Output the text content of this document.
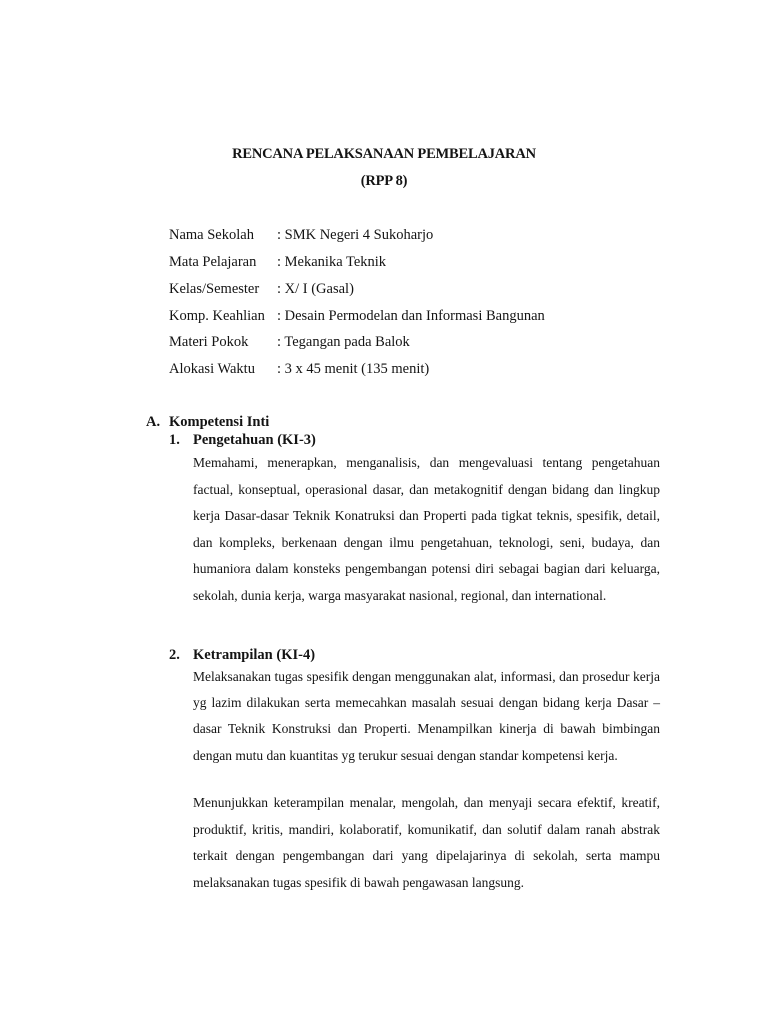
RENCANA PELAKSANAAN PEMBELAJARAN
(RPP 8)
Nama Sekolah : SMK Negeri 4 Sukoharjo
Mata Pelajaran : Mekanika Teknik
Kelas/Semester : X/ I (Gasal)
Komp. Keahlian : Desain Permodelan dan Informasi Bangunan
Materi Pokok : Tegangan pada Balok
Alokasi Waktu : 3 x 45 menit (135 menit)
A. Kompetensi Inti
1. Pengetahuan (KI-3)

Memahami, menerapkan, menganalisis, dan mengevaluasi tentang pengetahuan factual, konseptual, operasional dasar, dan metakognitif dengan bidang dan lingkup kerja Dasar-dasar Teknik Konatruksi dan Properti pada tigkat teknis, spesifik, detail, dan kompleks, berkenaan dengan ilmu pengetahuan, teknologi, seni, budaya, dan humaniora dalam konsteks pengembangan potensi diri sebagai bagian dari keluarga, sekolah, dunia kerja, warga masyarakat nasional, regional, dan international.

2. Ketrampilan (KI-4)

Melaksanakan tugas spesifik dengan menggunakan alat, informasi, dan prosedur kerja yg lazim dilakukan serta memecahkan masalah sesuai dengan bidang kerja Dasar – dasar Teknik Konstruksi dan Properti. Menampilkan kinerja di bawah bimbingan dengan mutu dan kuantitas yg terukur sesuai dengan standar kompetensi kerja.

Menunjukkan keterampilan menalar, mengolah, dan menyaji secara efektif, kreatif, produktif, kritis, mandiri, kolaboratif, komunikatif, dan solutif dalam ranah abstrak terkait dengan pengembangan dari yang dipelajarinya di sekolah, serta mampu melaksanakan tugas spesifik di bawah pengawasan langsung.
